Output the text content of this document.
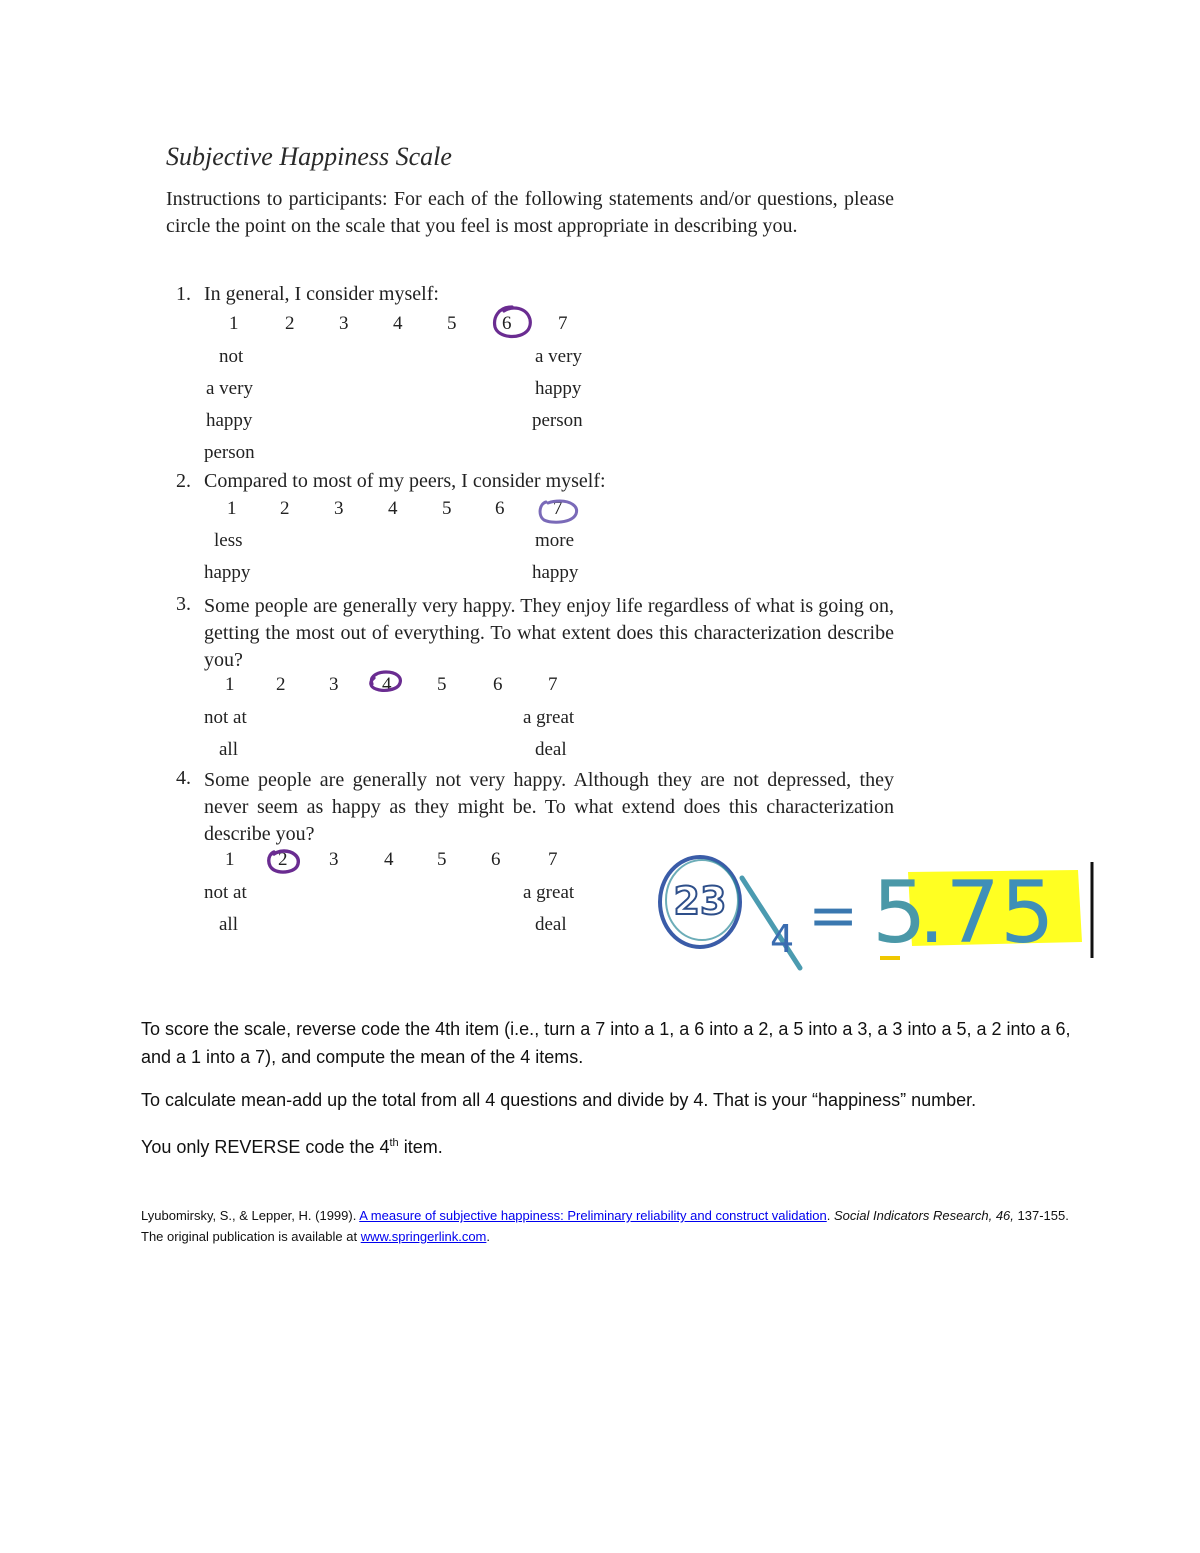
Subjective Happiness Scale
Instructions to participants: For each of the following statements and/or questions, please circle the point on the scale that you feel is most appropriate in describing you.
1. In general, I consider myself:
1 2 3 4 5 6 7
not
a very
happy
person
a very
happy
person
2. Compared to most of my peers, I consider myself:
1 2 3 4 5 6	7
less
happy
more
happy
3. Some people are generally very happy. They enjoy life regardless of what is going on, getting the most out of everything. To what extent does this characterization describe you?
1 2 3 4 5 6 7
not at
all
a great
deal
4. Some people are generally not very happy. Although they are not depressed, they never seem as happy as they might be. To what extend does this characterization describe you?
1 2 3 4 5 6	7
not at
all
a great
deal
23
4 = 5
.75

To score the scale, reverse code the 4th item (i.e., turn a 7 into a 1, a 6 into a 2, a 5 into a 3, a 3 into a 5, a 2 into a 6, and a 1 into a 7), and compute the mean of the 4 items.

To calculate mean-add up the total from all 4 questions and divide by 4. That is your “happiness” number.

You only REVERSE code the 4th item.

Lyubomirsky, S., & Lepper, H. (1999). A measure of subjective happiness: Preliminary reliability and construct validation. Social Indicators Research, 46, 137-155. The original publication is available at www.springerlink.com.
